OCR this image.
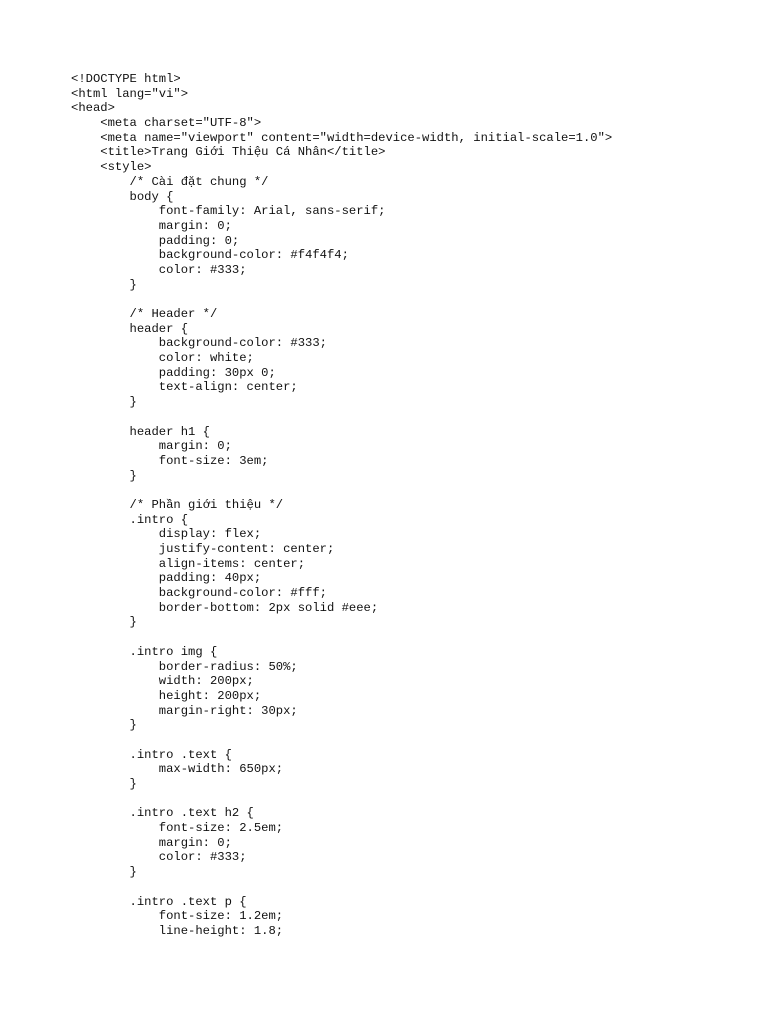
<!DOCTYPE html>
<html lang="vi">
<head>
<meta charset="UTF-8">
<meta name="viewport" content="width=device-width, initial-scale=1.0">
<title>Trang Giới Thiệu Cá Nhân</title>
<style>
/* Cài đặt chung */
body {
font-family: Arial, sans-serif;
margin: 0;
padding: 0;
background-color: #f4f4f4;
color: #333;
}
/* Header */
header {
background-color: #333;
color: white;
padding: 30px 0;
text-align: center;
}
header h1 {
margin: 0;
font-size: 3em;
}
/* Phần giới thiệu */
.intro {
display: flex;
justify-content: center;
align-items: center;
padding: 40px;
background-color: #fff;
border-bottom: 2px solid #eee;
}
.intro img {
border-radius: 50%;
width: 200px;
height: 200px;
margin-right: 30px;
}
.intro .text {
max-width: 650px;
}
.intro .text h2 {
font-size: 2.5em;
margin: 0;
color: #333;
}
.intro .text p {
font-size: 1.2em;
line-height: 1.8;
